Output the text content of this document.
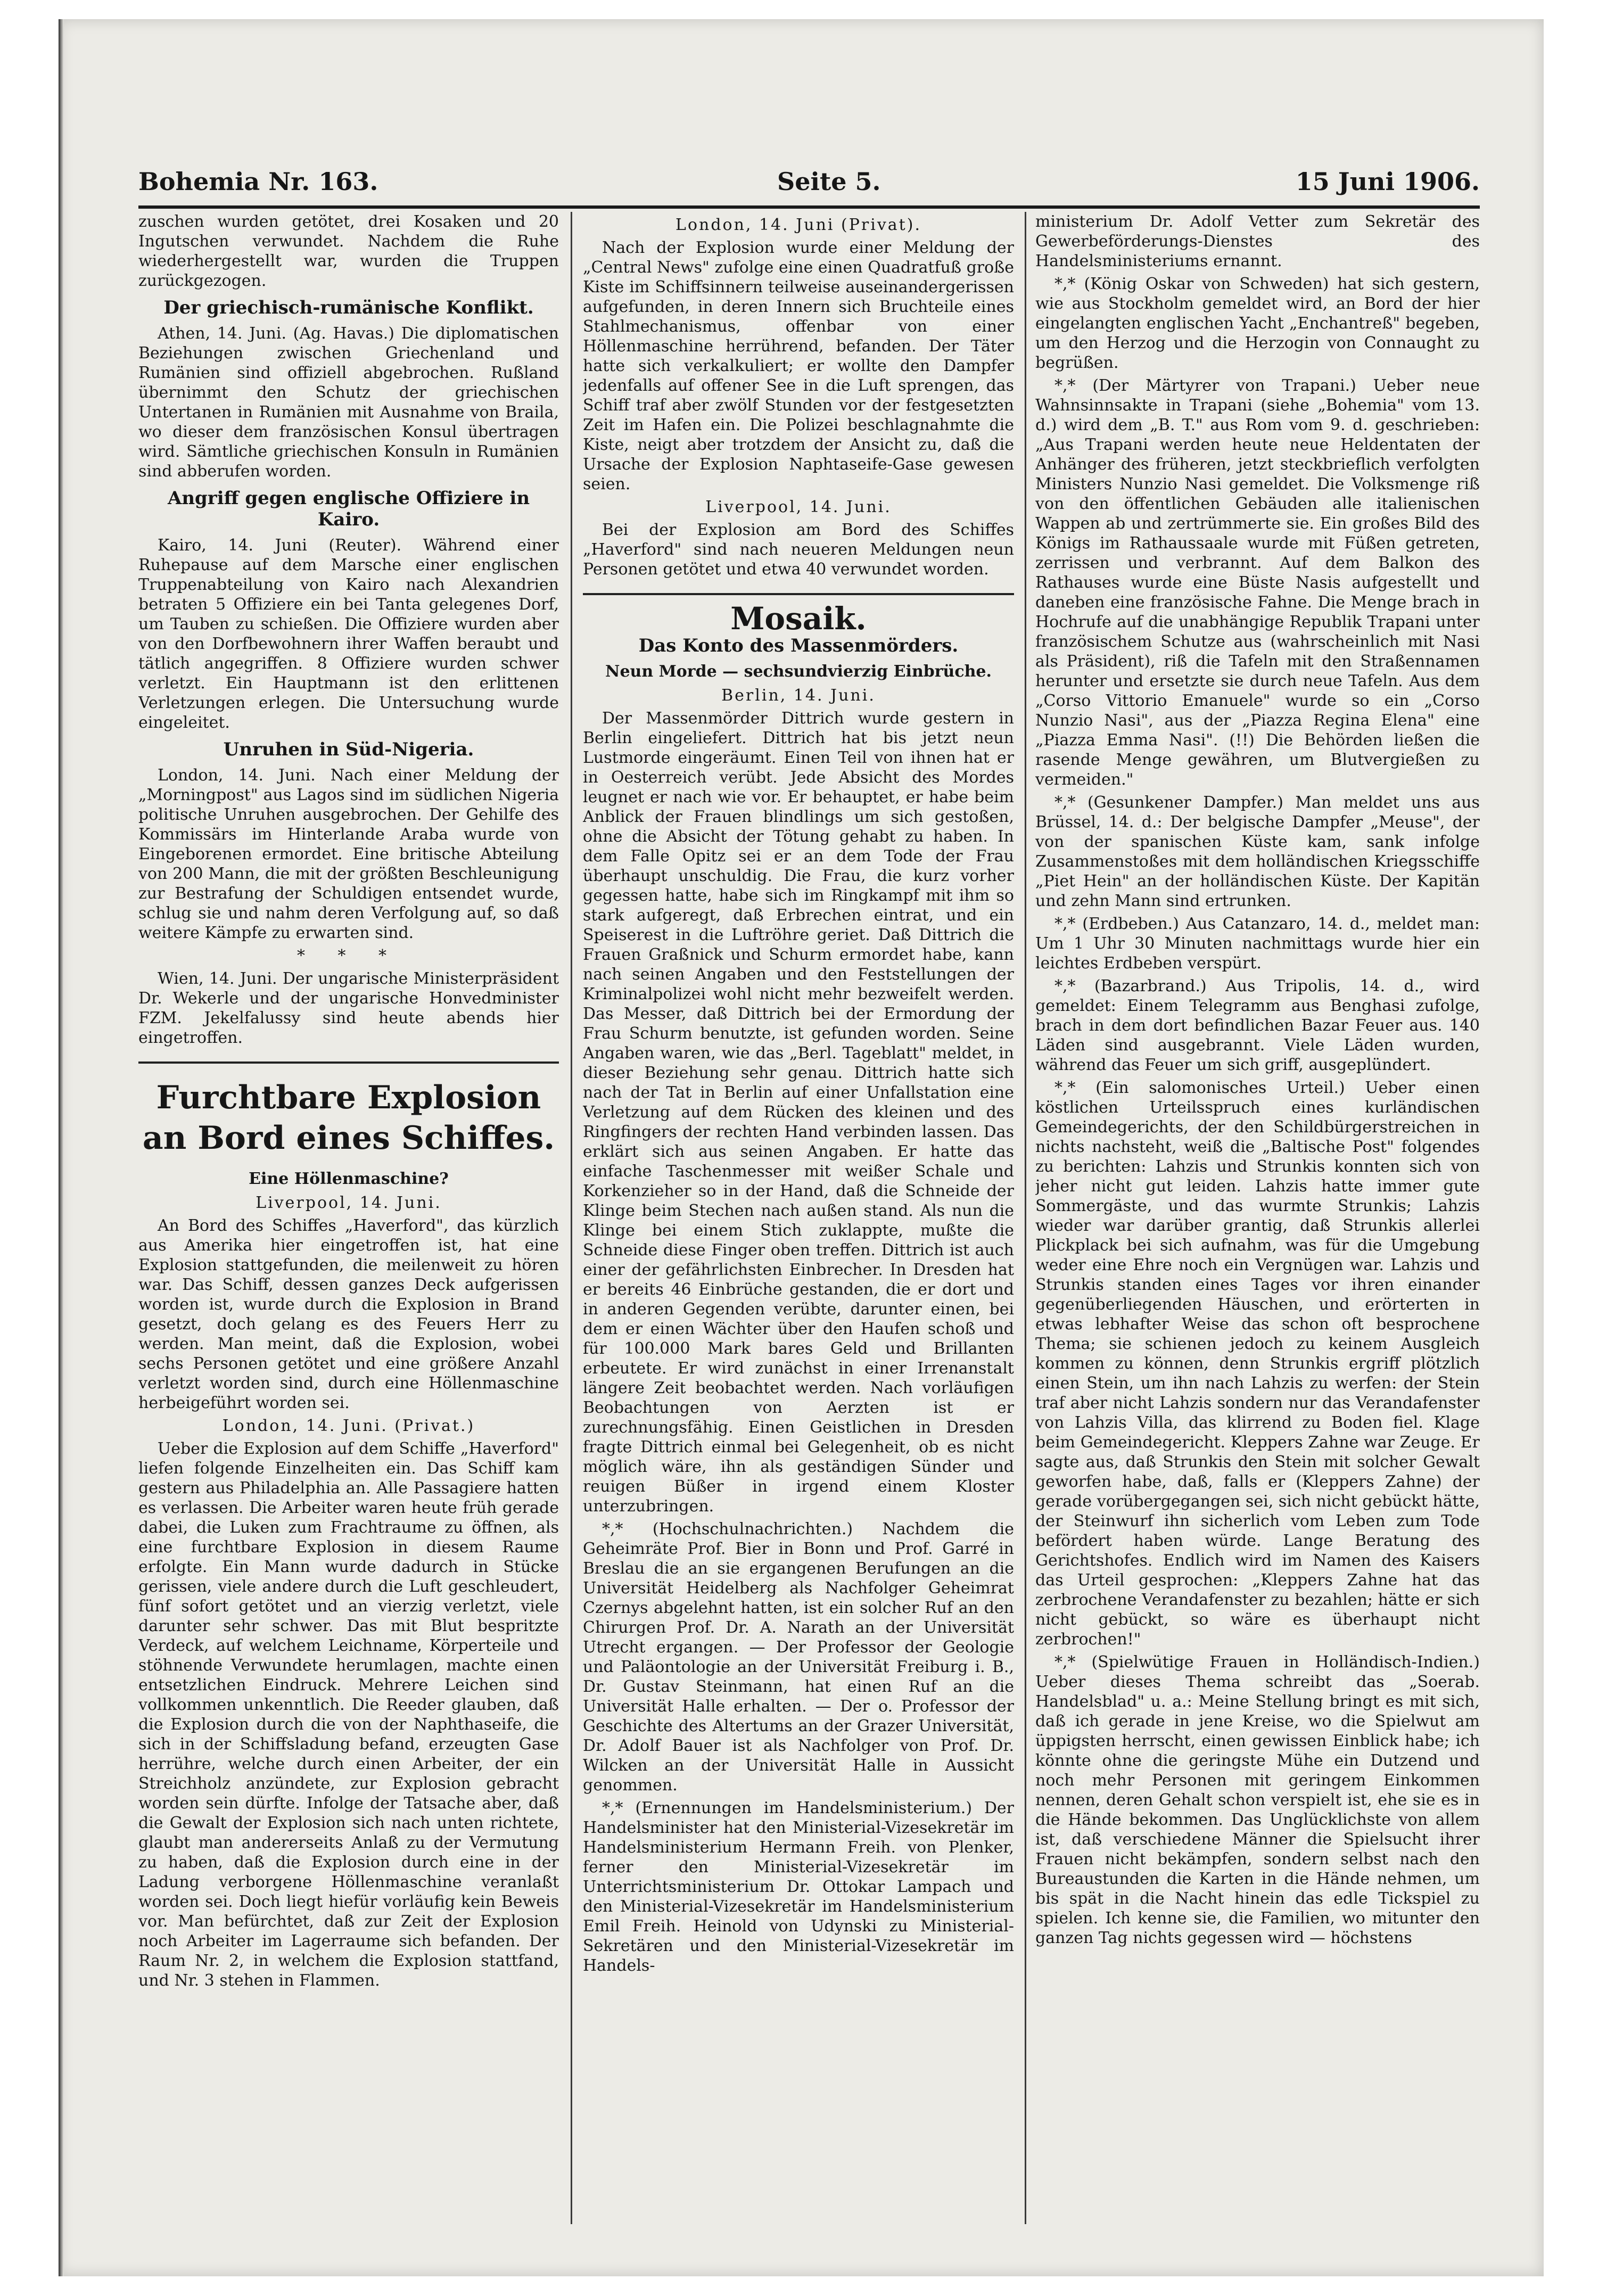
Bohemia Nr. 163.	Seite 5.	15 Juni 1906.

zuschen wurden getötet, drei Kosaken und 20 Ingutschen verwundet. Nachdem die Ruhe wiederhergestellt war, wurden die Truppen zurückgezogen.

Der griechisch-rumänische Konflikt.

Athen, 14. Juni. (Ag. Havas.) Die diplomatischen Beziehungen zwischen Griechenland und Rumänien sind offiziell abgebrochen. Rußland übernimmt den Schutz der griechischen Untertanen in Rumänien mit Ausnahme von Braila, wo dieser dem französischen Konsul übertragen wird. Sämtliche griechischen Konsuln in Rumänien sind abberufen worden.

Angriff gegen englische Offiziere in Kairo.

Kairo, 14. Juni (Reuter). Während einer Ruhepause auf dem Marsche einer englischen Truppenabteilung von Kairo nach Alexandrien betraten 5 Offiziere ein bei Tanta gelegenes Dorf, um Tauben zu schießen. Die Offiziere wurden aber von den Dorfbewohnern ihrer Waffen beraubt und tätlich angegriffen. 8 Offiziere wurden schwer verletzt. Ein Hauptmann ist den erlittenen Verletzungen erlegen. Die Untersuchung wurde eingeleitet.

Unruhen in Süd-Nigeria.

London, 14. Juni. Nach einer Meldung der „Morningpost" aus Lagos sind im südlichen Nigeria politische Unruhen ausgebrochen. Der Gehilfe des Kommissärs im Hinterlande Araba wurde von Eingeborenen ermordet. Eine britische Abteilung von 200 Mann, die mit der größten Beschleunigung zur Bestrafung der Schuldigen entsendet wurde, schlug sie und nahm deren Verfolgung auf, so daß weitere Kämpfe zu erwarten sind.

* * *

Wien, 14. Juni. Der ungarische Ministerpräsident Dr. Wekerle und der ungarische Honvedminister FZM. Jekelfalussy sind heute abends hier eingetroffen.

Furchtbare Explosion an Bord eines Schiffes.
Eine Höllenmaschine?
Liverpool, 14. Juni.

An Bord des Schiffes „Haverford", das kürzlich aus Amerika hier eingetroffen ist, hat eine Explosion stattgefunden, die meilenweit zu hören war. Das Schiff, dessen ganzes Deck aufgerissen worden ist, wurde durch die Explosion in Brand gesetzt, doch gelang es des Feuers Herr zu werden. Man meint, daß die Explosion, wobei sechs Personen getötet und eine größere Anzahl verletzt worden sind, durch eine Höllenmaschine herbeigeführt worden sei.

London, 14. Juni. (Privat.)

Ueber die Explosion auf dem Schiffe „Haverford" liefen folgende Einzelheiten ein. Das Schiff kam gestern aus Philadelphia an. Alle Passagiere hatten es verlassen. Die Arbeiter waren heute früh gerade dabei, die Luken zum Frachtraume zu öffnen, als eine furchtbare Explosion in diesem Raume erfolgte. Ein Mann wurde dadurch in Stücke gerissen, viele andere durch die Luft geschleudert, fünf sofort getötet und an vierzig verletzt, viele darunter sehr schwer. Das mit Blut bespritzte Verdeck, auf welchem Leichname, Körperteile und stöhnende Verwundete herumlagen, machte einen entsetzlichen Eindruck. Mehrere Leichen sind vollkommen unkenntlich. Die Reeder glauben, daß die Explosion durch die von der Naphthaseife, die sich in der Schiffsladung befand, erzeugten Gase herrühre, welche durch einen Arbeiter, der ein Streichholz anzündete, zur Explosion gebracht worden sein dürfte. Infolge der Tatsache aber, daß die Gewalt der Explosion sich nach unten richtete, glaubt man andererseits Anlaß zu der Vermutung zu haben, daß die Explosion durch eine in der Ladung verborgene Höllenmaschine veranlaßt worden sei. Doch liegt hiefür vorläufig kein Beweis vor. Man befürchtet, daß zur Zeit der Explosion noch Arbeiter im Lagerraume sich befanden. Der Raum Nr. 2, in welchem die Explosion stattfand, und Nr. 3 stehen in Flammen.

London, 14. Juni (Privat).

Nach der Explosion wurde einer Meldung der „Central News" zufolge eine einen Quadratfuß große Kiste im Schiffsinnern teilweise auseinandergerissen aufgefunden, in deren Innern sich Bruchteile eines Stahlmechanismus, offenbar von einer Höllenmaschine herrührend, befanden. Der Täter hatte sich verkalkuliert; er wollte den Dampfer jedenfalls auf offener See in die Luft sprengen, das Schiff traf aber zwölf Stunden vor der festgesetzten Zeit im Hafen ein. Die Polizei beschlagnahmte die Kiste, neigt aber trotzdem der Ansicht zu, daß die Ursache der Explosion Naphtaseife-Gase gewesen seien.

Liverpool, 14. Juni.

Bei der Explosion am Bord des Schiffes „Haverford" sind nach neueren Meldungen neun Personen getötet und etwa 40 verwundet worden.

Mosaik.
Das Konto des Massenmörders.
Neun Morde — sechsundvierzig Einbrüche.
Berlin, 14. Juni.

Der Massenmörder Dittrich wurde gestern in Berlin eingeliefert. Dittrich hat bis jetzt neun Lustmorde eingeräumt. Einen Teil von ihnen hat er in Oesterreich verübt. Jede Absicht des Mordes leugnet er nach wie vor. Er behauptet, er habe beim Anblick der Frauen blindlings um sich gestoßen, ohne die Absicht der Tötung gehabt zu haben. In dem Falle Opitz sei er an dem Tode der Frau überhaupt unschuldig. Die Frau, die kurz vorher gegessen hatte, habe sich im Ringkampf mit ihm so stark aufgeregt, daß Erbrechen eintrat, und ein Speiserest in die Luftröhre geriet. Daß Dittrich die Frauen Graßnick und Schurm ermordet habe, kann nach seinen Angaben und den Feststellungen der Kriminalpolizei wohl nicht mehr bezweifelt werden. Das Messer, daß Dittrich bei der Ermordung der Frau Schurm benutzte, ist gefunden worden. Seine Angaben waren, wie das „Berl. Tageblatt" meldet, in dieser Beziehung sehr genau. Dittrich hatte sich nach der Tat in Berlin auf einer Unfallstation eine Verletzung auf dem Rücken des kleinen und des Ringfingers der rechten Hand verbinden lassen. Das erklärt sich aus seinen Angaben. Er hatte das einfache Taschenmesser mit weißer Schale und Korkenzieher so in der Hand, daß die Schneide der Klinge beim Stechen nach außen stand. Als nun die Klinge bei einem Stich zuklappte, mußte die Schneide diese Finger oben treffen. Dittrich ist auch einer der gefährlichsten Einbrecher. In Dresden hat er bereits 46 Einbrüche gestanden, die er dort und in anderen Gegenden verübte, darunter einen, bei dem er einen Wächter über den Haufen schoß und für 100.000 Mark bares Geld und Brillanten erbeutete. Er wird zunächst in einer Irrenanstalt längere Zeit beobachtet werden. Nach vorläufigen Beobachtungen von Aerzten ist er zurechnungsfähig. Einen Geistlichen in Dresden fragte Dittrich einmal bei Gelegenheit, ob es nicht möglich wäre, ihn als geständigen Sünder und reuigen Büßer in irgend einem Kloster unterzubringen.

*,* (Hochschulnachrichten.) Nachdem die Geheimräte Prof. Bier in Bonn und Prof. Garré in Breslau die an sie ergangenen Berufungen an die Universität Heidelberg als Nachfolger Geheimrat Czernys abgelehnt hatten, ist ein solcher Ruf an den Chirurgen Prof. Dr. A. Narath an der Universität Utrecht ergangen. — Der Professor der Geologie und Paläontologie an der Universität Freiburg i. B., Dr. Gustav Steinmann, hat einen Ruf an die Universität Halle erhalten. — Der o. Professor der Geschichte des Altertums an der Grazer Universität, Dr. Adolf Bauer ist als Nachfolger von Prof. Dr. Wilcken an der Universität Halle in Aussicht genommen.

*,* (Ernennungen im Handelsministerium.) Der Handelsminister hat den Ministerial-Vizesekretär im Handelsministerium Hermann Freih. von Plenker, ferner den Ministerial-Vizesekretär im Unterrichtsministerium Dr. Ottokar Lampach und den Ministerial-Vizesekretär im Handelsministerium Emil Freih. Heinold von Udynski zu Ministerial-Sekretären und den Ministerial-Vizesekretär im Handels-

ministerium Dr. Adolf Vetter zum Sekretär des Gewerbeförderungs-Dienstes des Handelsministeriums ernannt.

*,* (König Oskar von Schweden) hat sich gestern, wie aus Stockholm gemeldet wird, an Bord der hier eingelangten englischen Yacht „Enchantreß" begeben, um den Herzog und die Herzogin von Connaught zu begrüßen.

*,* (Der Märtyrer von Trapani.) Ueber neue Wahnsinnsakte in Trapani (siehe „Bohemia" vom 13. d.) wird dem „B. T." aus Rom vom 9. d. geschrieben: „Aus Trapani werden heute neue Heldentaten der Anhänger des früheren, jetzt steckbrieflich verfolgten Ministers Nunzio Nasi gemeldet. Die Volksmenge riß von den öffentlichen Gebäuden alle italienischen Wappen ab und zertrümmerte sie. Ein großes Bild des Königs im Rathaussaale wurde mit Füßen getreten, zerrissen und verbrannt. Auf dem Balkon des Rathauses wurde eine Büste Nasis aufgestellt und daneben eine französische Fahne. Die Menge brach in Hochrufe auf die unabhängige Republik Trapani unter französischem Schutze aus (wahrscheinlich mit Nasi als Präsident), riß die Tafeln mit den Straßennamen herunter und ersetzte sie durch neue Tafeln. Aus dem „Corso Vittorio Emanuele" wurde so ein „Corso Nunzio Nasi", aus der „Piazza Regina Elena" eine „Piazza Emma Nasi". (!!) Die Behörden ließen die rasende Menge gewähren, um Blutvergießen zu vermeiden."

*,* (Gesunkener Dampfer.) Man meldet uns aus Brüssel, 14. d.: Der belgische Dampfer „Meuse", der von der spanischen Küste kam, sank infolge Zusammenstoßes mit dem holländischen Kriegsschiffe „Piet Hein" an der holländischen Küste. Der Kapitän und zehn Mann sind ertrunken.

*,* (Erdbeben.) Aus Catanzaro, 14. d., meldet man: Um 1 Uhr 30 Minuten nachmittags wurde hier ein leichtes Erdbeben verspürt.

*,* (Bazarbrand.) Aus Tripolis, 14. d., wird gemeldet: Einem Telegramm aus Benghasi zufolge, brach in dem dort befindlichen Bazar Feuer aus. 140 Läden sind ausgebrannt. Viele Läden wurden, während das Feuer um sich griff, ausgeplündert.

*,* (Ein salomonisches Urteil.) Ueber einen köstlichen Urteilsspruch eines kurländischen Gemeindegerichts, der den Schildbürgerstreichen in nichts nachsteht, weiß die „Baltische Post" folgendes zu berichten: Lahzis und Strunkis konnten sich von jeher nicht gut leiden. Lahzis hatte immer gute Sommergäste, und das wurmte Strunkis; Lahzis wieder war darüber grantig, daß Strunkis allerlei Plickplack bei sich aufnahm, was für die Umgebung weder eine Ehre noch ein Vergnügen war. Lahzis und Strunkis standen eines Tages vor ihren einander gegenüberliegenden Häuschen, und erörterten in etwas lebhafter Weise das schon oft besprochene Thema; sie schienen jedoch zu keinem Ausgleich kommen zu können, denn Strunkis ergriff plötzlich einen Stein, um ihn nach Lahzis zu werfen: der Stein traf aber nicht Lahzis sondern nur das Verandafenster von Lahzis Villa, das klirrend zu Boden fiel. Klage beim Gemeindegericht. Kleppers Zahne war Zeuge. Er sagte aus, daß Strunkis den Stein mit solcher Gewalt geworfen habe, daß, falls er (Kleppers Zahne) der gerade vorübergegangen sei, sich nicht gebückt hätte, der Steinwurf ihn sicherlich vom Leben zum Tode befördert haben würde. Lange Beratung des Gerichtshofes. Endlich wird im Namen des Kaisers das Urteil gesprochen: „Kleppers Zahne hat das zerbrochene Verandafenster zu bezahlen; hätte er sich nicht gebückt, so wäre es überhaupt nicht zerbrochen!"

*,* (Spielwütige Frauen in Holländisch-Indien.) Ueber dieses Thema schreibt das „Soerab. Handelsblad" u. a.: Meine Stellung bringt es mit sich, daß ich gerade in jene Kreise, wo die Spielwut am üppigsten herrscht, einen gewissen Einblick habe; ich könnte ohne die geringste Mühe ein Dutzend und noch mehr Personen mit geringem Einkommen nennen, deren Gehalt schon verspielt ist, ehe sie es in die Hände bekommen. Das Unglücklichste von allem ist, daß verschiedene Männer die Spielsucht ihrer Frauen nicht bekämpfen, sondern selbst nach den Bureaustunden die Karten in die Hände nehmen, um bis spät in die Nacht hinein das edle Tickspiel zu spielen. Ich kenne sie, die Familien, wo mitunter den ganzen Tag nichts gegessen wird — höchstens
